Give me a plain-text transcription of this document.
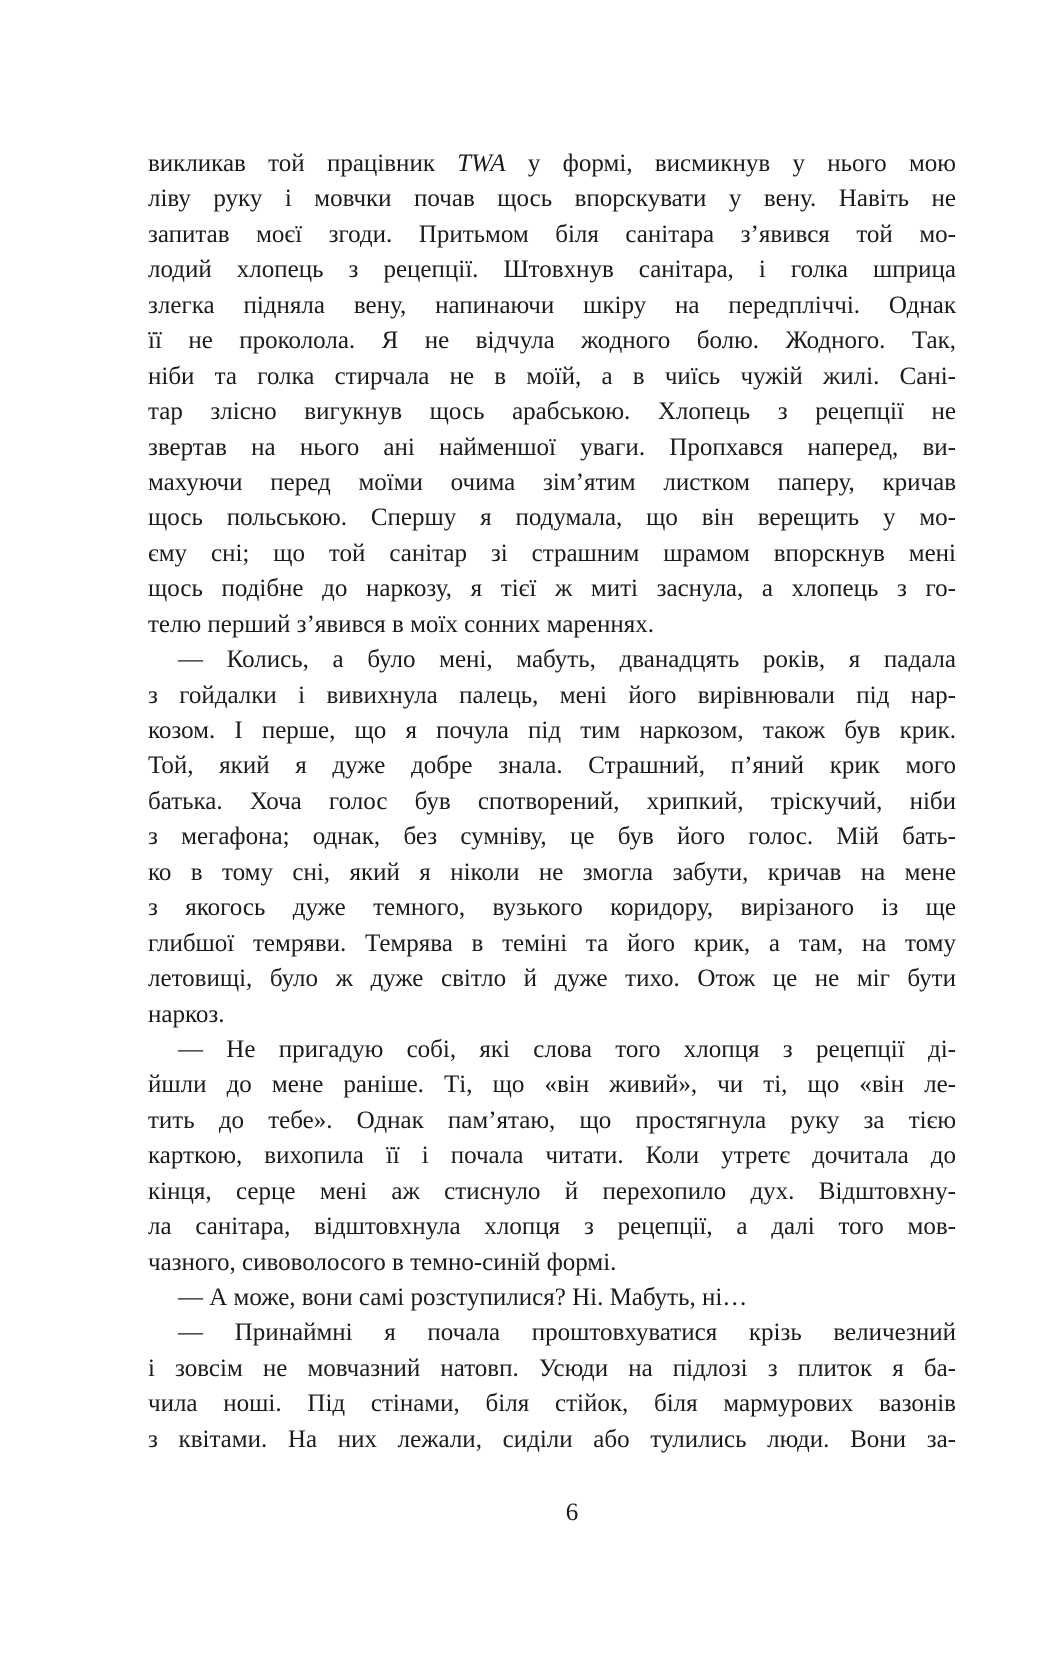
викликав той працівник TWA у формі, висмикнув у нього мою
ліву руку і мовчки почав щось впорскувати у вену. Навіть не
запитав моєї згоди. Притьмом біля санітара з’явився той мо-
лодий хлопець з рецепції. Штовхнув санітара, і голка шприца
злегка підняла вену, напинаючи шкіру на передпліччі. Однак
її не проколола. Я не відчула жодного болю. Жодного. Так,
ніби та голка стирчала не в моїй, а в чиїсь чужій жилі. Сані-
тар злісно вигукнув щось арабською. Хлопець з рецепції не
звертав на нього ані найменшої уваги. Пропхався наперед, ви-
махуючи перед моїми очима зім’ятим листком паперу, кричав
щось польською. Спершу я подумала, що він верещить у мо-
єму сні; що той санітар зі страшним шрамом впорскнув мені
щось подібне до наркозу, я тієї ж миті заснула, а хлопець з го-
телю перший з’явився в моїх сонних мареннях.
— Колись, а було мені, мабуть, дванадцять років, я падала
з гойдалки і вивихнула палець, мені його вирівнювали під нар-
козом. І перше, що я почула під тим наркозом, також був крик.
Той, який я дуже добре знала. Страшний, п’яний крик мого
батька. Хоча голос був спотворений, хрипкий, тріскучий, ніби
з мегафона; однак, без сумніву, це був його голос. Мій бать-
ко в тому сні, який я ніколи не змогла забути, кричав на мене
з якогось дуже темного, вузького коридору, вирізаного із ще
глибшої темряви. Темрява в теміні та його крик, а там, на тому
летовищі, було ж дуже світло й дуже тихо. Отож це не міг бути
наркоз.
— Не пригадую собі, які слова того хлопця з рецепції ді-
йшли до мене раніше. Ті, що «він живий», чи ті, що «він ле-
тить до тебе». Однак пам’ятаю, що простягнула руку за тією
карткою, вихопила її і почала читати. Коли утретє дочитала до
кінця, серце мені аж стиснуло й перехопило дух. Відштовхну-
ла санітара, відштовхнула хлопця з рецепції, а далі того мов-
чазного, сивоволосого в темно-синій формі.
— А може, вони самі розступилися? Ні. Мабуть, ні…
— Принаймні я почала проштовхуватися крізь величезний
і зовсім не мовчазний натовп. Усюди на підлозі з плиток я ба-
чила ноші. Під стінами, біля стійок, біля мармурових вазонів
з квітами. На них лежали, сиділи або тулились люди. Вони за-
6
